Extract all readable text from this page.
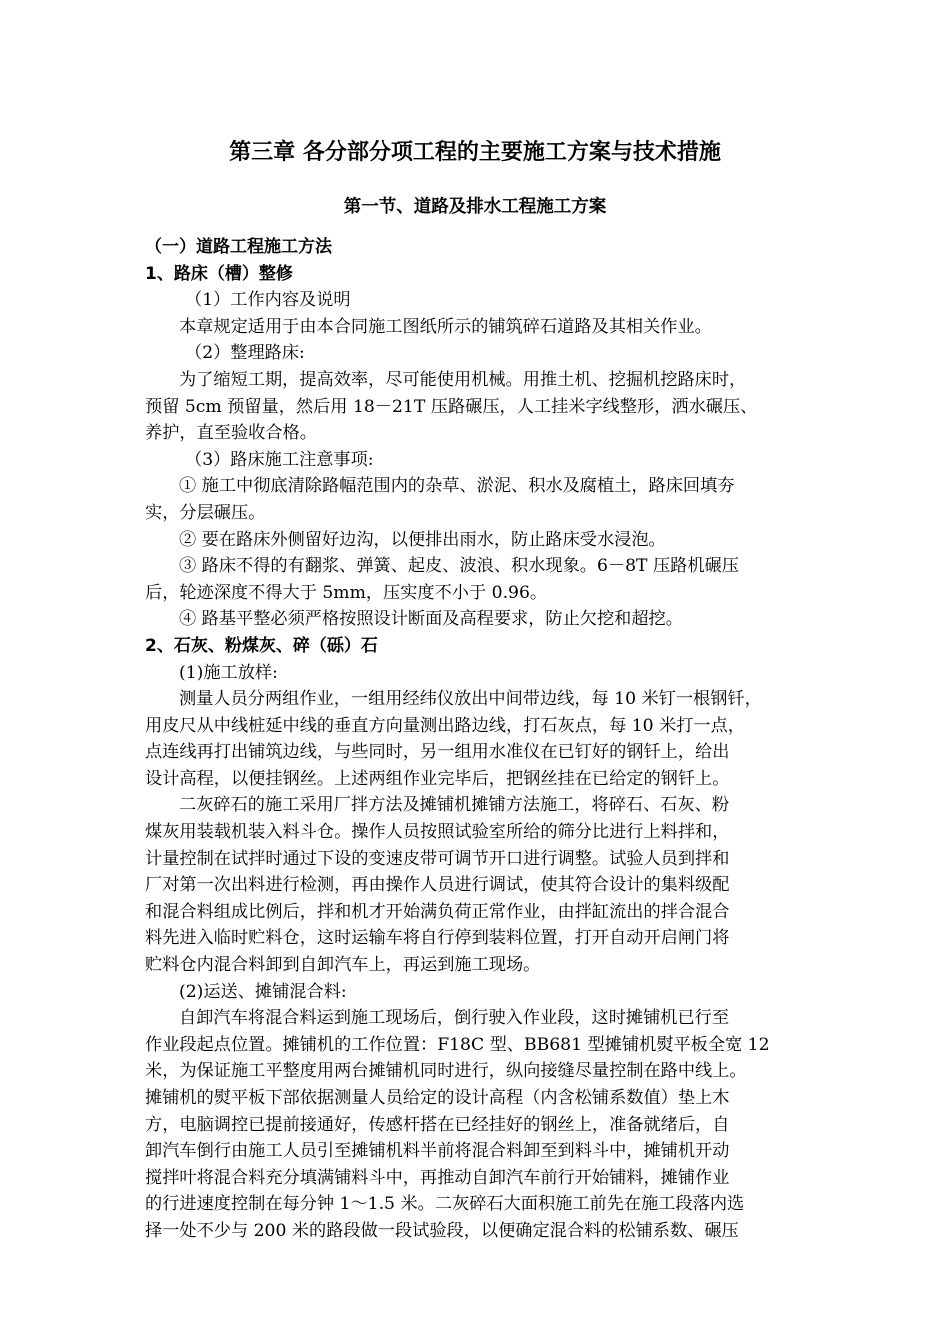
第三章 各分部分项工程的主要施工方案与技术措施
第一节、道路及排水工程施工方案
（一）道路工程施工方法
1、路床（槽）整修
（1）工作内容及说明
本章规定适用于由本合同施工图纸所示的铺筑碎石道路及其相关作业。
（2）整理路床:
为了缩短工期，提高效率，尽可能使用机械。用推土机、挖掘机挖路床时，
预留 5cm 预留量，然后用 18－21T 压路碾压，人工挂米字线整形，洒水碾压、
养护，直至验收合格。
（3）路床施工注意事项:
① 施工中彻底清除路幅范围内的杂草、淤泥、积水及腐植土，路床回填夯
实，分层碾压。
② 要在路床外侧留好边沟，以便排出雨水，防止路床受水浸泡。
③ 路床不得的有翻浆、弹簧、起皮、波浪、积水现象。6－8T 压路机碾压
后，轮迹深度不得大于 5mm，压实度不小于 0.96。
④ 路基平整必须严格按照设计断面及高程要求，防止欠挖和超挖。
2、石灰、粉煤灰、碎（砾）石
(1)施工放样:
测量人员分两组作业，一组用经纬仪放出中间带边线，每 10 米钉一根钢钎，
用皮尺从中线桩延中线的垂直方向量测出路边线，打石灰点，每 10 米打一点，
点连线再打出铺筑边线，与些同时，另一组用水准仪在已钉好的钢钎上，给出
设计高程，以便挂钢丝。上述两组作业完毕后，把钢丝挂在已给定的钢钎上。
二灰碎石的施工采用厂拌方法及摊铺机摊铺方法施工，将碎石、石灰、粉
煤灰用装载机装入料斗仓。操作人员按照试验室所给的筛分比进行上料拌和，
计量控制在试拌时通过下设的变速皮带可调节开口进行调整。试验人员到拌和
厂对第一次出料进行检测，再由操作人员进行调试，使其符合设计的集料级配
和混合料组成比例后，拌和机才开始满负荷正常作业，由拌缸流出的拌合混合
料先进入临时贮料仓，这时运输车将自行停到装料位置，打开自动开启闸门将
贮料仓内混合料卸到自卸汽车上，再运到施工现场。
(2)运送、摊铺混合料:
自卸汽车将混合料运到施工现场后，倒行驶入作业段，这时摊铺机已行至
作业段起点位置。摊铺机的工作位置：F18C 型、BB681 型摊铺机熨平板全宽 12
米，为保证施工平整度用两台摊铺机同时进行，纵向接缝尽量控制在路中线上。
摊铺机的熨平板下部依据测量人员给定的设计高程（内含松铺系数值）垫上木
方，电脑调控已提前接通好，传感杆搭在已经挂好的钢丝上，准备就绪后，自
卸汽车倒行由施工人员引至摊铺机料半前将混合料卸至到料斗中，摊铺机开动
搅拌叶将混合料充分填满铺料斗中，再推动自卸汽车前行开始铺料，摊铺作业
的行进速度控制在每分钟 1～1.5 米。二灰碎石大面积施工前先在施工段落内选
择一处不少与 200 米的路段做一段试验段，以便确定混合料的松铺系数、碾压
